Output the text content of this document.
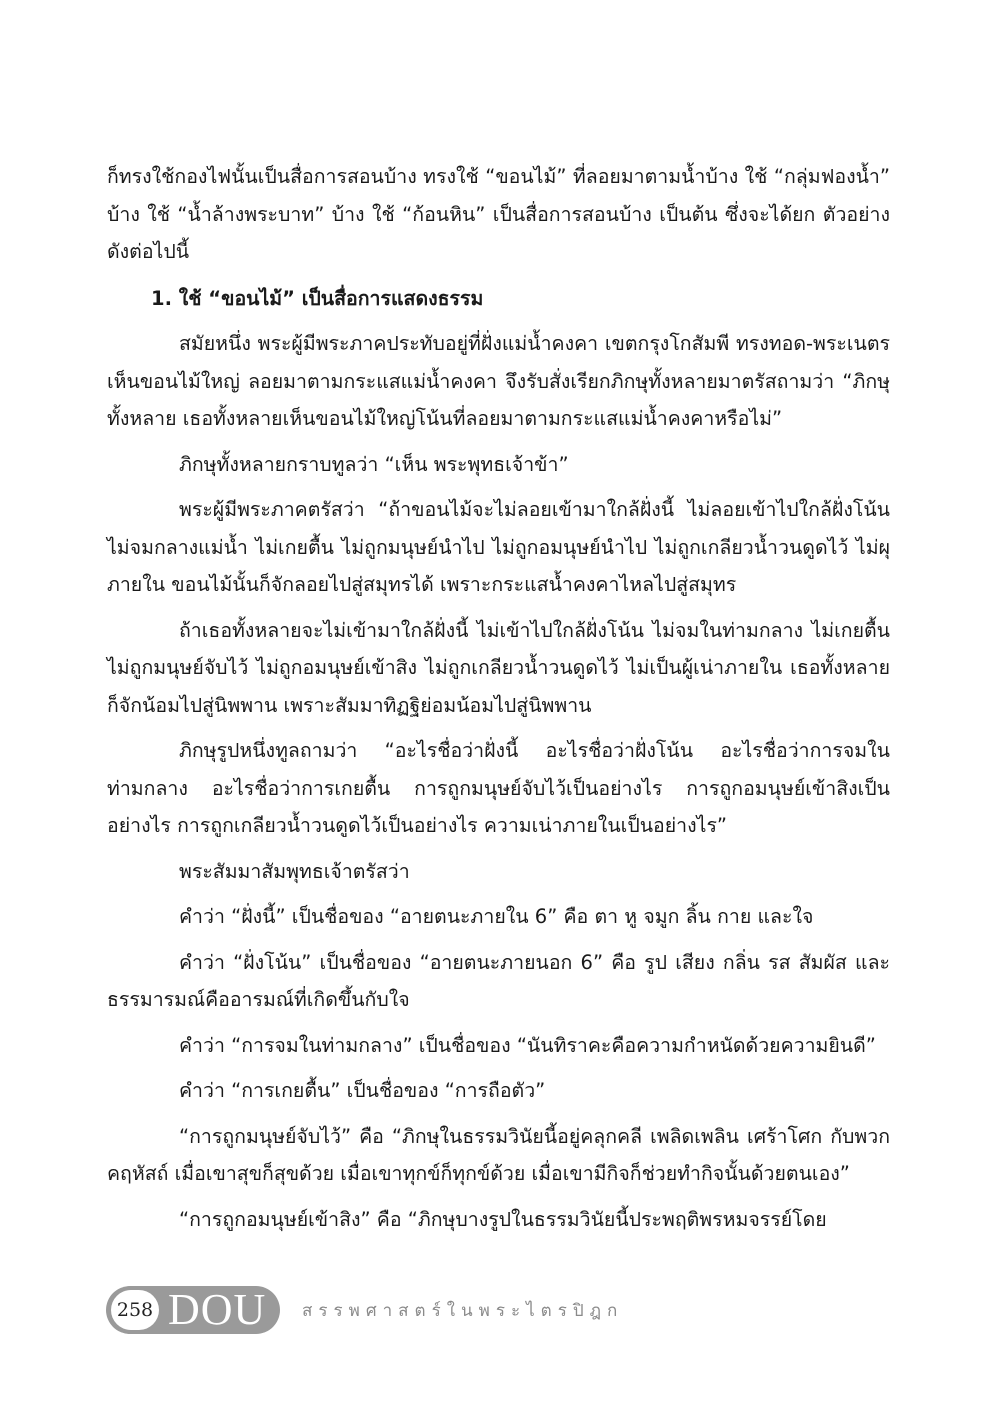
ก็ทรงใช้กองไฟนั้นเป็นสื่อการสอนบ้าง ทรงใช้ “ขอนไม้” ที่ลอยมาตามน้ำบ้าง ใช้ “กลุ่มฟองน้ำ” บ้าง ใช้ “น้ำล้างพระบาท” บ้าง ใช้ “ก้อนหิน” เป็นสื่อการสอนบ้าง เป็นต้น ซึ่งจะได้ยก ตัวอย่างดังต่อไปนี้

1. ใช้ “ขอนไม้” เป็นสื่อการแสดงธรรม

สมัยหนึ่ง พระผู้มีพระภาคประทับอยู่ที่ฝั่งแม่น้ำคงคา เขตกรุงโกสัมพี ทรงทอด-พระเนตรเห็นขอนไม้ใหญ่ ลอยมาตามกระแสแม่น้ำคงคา จึงรับสั่งเรียกภิกษุทั้งหลายมาตรัสถามว่า “ภิกษุทั้งหลาย เธอทั้งหลายเห็นขอนไม้ใหญ่โน้นที่ลอยมาตามกระแสแม่น้ำคงคาหรือไม่”

ภิกษุทั้งหลายกราบทูลว่า “เห็น พระพุทธเจ้าข้า”

พระผู้มีพระภาคตรัสว่า “ถ้าขอนไม้จะไม่ลอยเข้ามาใกล้ฝั่งนี้ ไม่ลอยเข้าไปใกล้ฝั่งโน้น ไม่จมกลางแม่น้ำ ไม่เกยตื้น ไม่ถูกมนุษย์นำไป ไม่ถูกอมนุษย์นำไป ไม่ถูกเกลียวน้ำวนดูดไว้ ไม่ผุภายใน ขอนไม้นั้นก็จักลอยไปสู่สมุทรได้ เพราะกระแสน้ำคงคาไหลไปสู่สมุทร

ถ้าเธอทั้งหลายจะไม่เข้ามาใกล้ฝั่งนี้ ไม่เข้าไปใกล้ฝั่งโน้น ไม่จมในท่ามกลาง ไม่เกยตื้น ไม่ถูกมนุษย์จับไว้ ไม่ถูกอมนุษย์เข้าสิง ไม่ถูกเกลียวน้ำวนดูดไว้ ไม่เป็นผู้เน่าภายใน เธอทั้งหลายก็จักน้อมไปสู่นิพพาน เพราะสัมมาทิฏฐิย่อมน้อมไปสู่นิพพาน

ภิกษุรูปหนึ่งทูลถามว่า “อะไรชื่อว่าฝั่งนี้ อะไรชื่อว่าฝั่งโน้น อะไรชื่อว่าการจมในท่ามกลาง อะไรชื่อว่าการเกยตื้น การถูกมนุษย์จับไว้เป็นอย่างไร การถูกอมนุษย์เข้าสิงเป็นอย่างไร การถูกเกลียวน้ำวนดูดไว้เป็นอย่างไร ความเน่าภายในเป็นอย่างไร”

พระสัมมาสัมพุทธเจ้าตรัสว่า

คำว่า “ฝั่งนี้” เป็นชื่อของ “อายตนะภายใน 6” คือ ตา หู จมูก ลิ้น กาย และใจ

คำว่า “ฝั่งโน้น” เป็นชื่อของ “อายตนะภายนอก 6” คือ รูป เสียง กลิ่น รส สัมผัส และธรรมารมณ์คืออารมณ์ที่เกิดขึ้นกับใจ

คำว่า “การจมในท่ามกลาง” เป็นชื่อของ “นันทิราคะคือความกำหนัดด้วยความยินดี”

คำว่า “การเกยตื้น” เป็นชื่อของ “การถือตัว”

“การถูกมนุษย์จับไว้” คือ “ภิกษุในธรรมวินัยนี้อยู่คลุกคลี เพลิดเพลิน เศร้าโศก กับพวกคฤหัสถ์ เมื่อเขาสุขก็สุขด้วย เมื่อเขาทุกข์ก็ทุกข์ด้วย เมื่อเขามีกิจก็ช่วยทำกิจนั้นด้วยตนเอง”

“การถูกอมนุษย์เข้าสิง” คือ “ภิกษุบางรูปในธรรมวินัยนี้ประพฤติพรหมจรรย์โดย

258 DOU สรรพศาสตร์ในพระไตรปิฎก
